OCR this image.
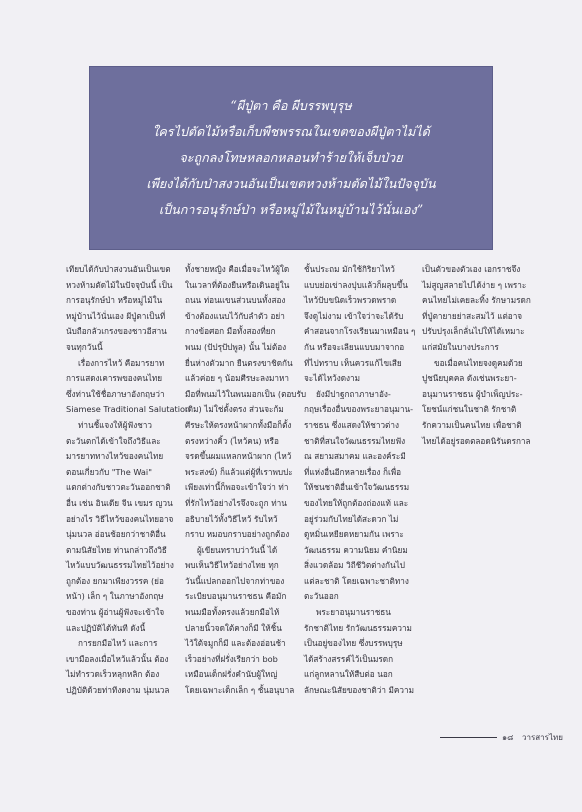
“ผีปู่ตา คือ ผีบรรพบุรุษ
ใครไปตัดไม้หรือเก็บพืชพรรณในเขตของผีปู่ตาไม่ได้
จะถูกลงโทษหลอกหลอนทำร้ายให้เจ็บป่วย
เพียงได้กับป่าสงวนอันเป็นเขตหวงห้ามตัดไม้ในปัจจุบัน
เป็นการอนุรักษ์ป่า หรือหมู่ไม้ในหมู่บ้านไว้นั่นเอง”
เทียบได้กับป่าสงวนอันเป็นเขต
หวงห้ามตัดไม้ในปัจจุบันนี้ เป็น
การอนุรักษ์ป่า หรือหมู่ไม้ใน
หมู่บ้านไว้นั่นเอง ผีปู่ตาเป็นที่
นับถือกลัวเกรงของชาวอีสาน
จนทุกวันนี้
เรื่องการไหว้ คือมารยาท
การแสดงเคารพของคนไทย
ซึ่งท่านใช้ชื่อภาษาอังกฤษว่า
Siamese Traditional Salutation
ท่านชี้แจงให้ผู้ฟังชาว
ตะวันตกได้เข้าใจถึงวิธีและ
มารยาททางไหว้ของคนไทย
ตอนเกี่ยวกับ "The Wai"
แตกต่างกับชาวตะวันออกชาติ
อื่น เช่น อินเดีย จีน เขมร ญวน
อย่างไร วิธีไหว้ของคนไทยอาจ
นุ่มนวล อ่อนช้อยกว่าชาติอื่น
ตามนิสัยไทย ท่านกล่าวถึงวิธี
ไหว้แบบวัฒนธรรมไทยไว้อย่าง
ถูกต้อง ยกมาเพียงวรรค (ย่อ
หน้า) เล็ก ๆ ในภาษาอังกฤษ
ของท่าน ผู้อ่านผู้ฟังจะเข้าใจ
และปฏิบัติได้ทันที ดังนี้
การยกมือไหว้ และการ
เขามือลงเมื่อไหว้แล้วนั้น ต้อง
ไม่ทำรวดเร็วหลุกหลิก ต้อง
ปฏิบัติด้วยท่าทีงดงาม นุ่มนวล
ทั้งชายหญิง คือเมื่อจะไหว้ผู้ใด
ในเวลาที่ต้องยืนหรือเดินอยู่ใน
ถนน ท่อนแขนส่วนบนทั้งสอง
ข้างต้องแนบไว้กับลำตัว อย่า
กางข้อศอก มือทั้งสองที่ยก
พนม (ปัปรุปัปพูล) นั้น ไม่ต้อง
ยื่นห่างตัวมาก ยืนตรงขาชิดกัน
แล้วค่อย ๆ น้อมศีรษะลงมาหา
มือที่พนมไว้ในพนมอกเป็น (ตอบรับ
เดิม) ไม่ใช่ตั้งตรง ส่วนจะก้ม
ศีรษะให้ตรงหน้าผากทั้งมือก็ตั้ง
ตรงหว่างคิ้ว (ไหว้คน) หรือ
จรดขึ้นผมแหลกหน้าผาก (ไหว้
พระสงฆ์) ก็แล้วแต่ผู้ที่เราพบปะ
เพียงเท่านี้ก็พอจะเข้าใจว่า ท่า
ที่รักไหว้อย่างไรจึงจะถูก ท่าน
อธิบายไว้ทั้งวิธีไหว้ รับไหว้
กราบ หมอบกราบอย่างถูกต้อง
ผู้เขียนทราบว่าวันนี้ ได้
พบเห็นวิธีไหว้อย่างไทย ทุก
วันนี้แปลกออกไปจากท่าของ
ระเบียบอนุมานราชธน คือมัก
พนมมือทั้งตรงแล้วยกมือไห้
ปลายนิ้วจดใต้คางก็มี ให้ชิ้น
ไว้ใต้จมูกก็มี และต้องอ่อนช้า
เร็วอย่างที่ฝรั่งเรียกว่า bob
เหมือนเด็กฝรั่งคำนับผู้ใหญ่
โดยเฉพาะเด็กเล็ก ๆ ชั้นอนุบาล
ชั้นประถม มักใช้กิริยาไหว้
แบบย่อเข่าลงปุบแล้วก็ผลุบขึ้น
ไหว้ปับขนิดเร็วพรวดพราด
จึงดูไม่งาม เข้าใจว่าจะได้รับ
คำสอนจากโรงเรียนมาเหมือน ๆ
กัน หรือจะเลียนแบบมาจากอ
ที่ไปทราบ เห็นควรแก้ไขเสีย
จะได้ไหว้งดงาม
ยังมีปาฐกถาภาษาอัง-
กฤษเรื่องอื่นของพระยาอนุมาน-
ราชธน ซึ่งแสดงให้ชาวต่าง
ชาติที่สนใจวัฒนธรรมไทยฟัง
ณ สยามสมาคม และองค์ระมี
ที่แห่งอื่นอีกหลายเรื่อง ก็เพื่อ
ให้ชนชาติอื่นเข้าใจวัฒนธรรม
ของไทยให้ถูกต้องถ่องแท้ และ
อยู่ร่วมกับไทยได้สะดวก ไม่
ดูหมิ่นเหยียดหยามกัน เพราะ
วัฒนธรรม ความนิยม คำนิยม
สิ่งแวดล้อม วิถีชีวิตต่างกันไป
แต่ละชาติ โดยเฉพาะชาติทาง
ตะวันออก
พระยาอนุมานราชธน
รักชาติไทย รักวัฒนธรรมความ
เป็นอยู่ของไทย ซึ่งบรรพบุรุษ
ได้สร้างสรรค์ไว้เป็นมรดก
แก่ลูกหลานให้สืบต่อ นอก
ลักษณะนิสัยของชาติว่า มีความ
เป็นตัวของตัวเอง เอกราชจึง
ไม่สูญสลายไปได้ง่าย ๆ เพราะ
คนไทยไม่เคยละทิ้ง รักษามรดก
ที่ปู่ตายายย่าสะสมไว้ แต่อาจ
ปรับปรุงเล็กลั่นไปให้ได้เหมาะ
แก่สมัยในบางประการ
ขอเมื่อคนไทยจงดูคมด้วย
ปูชนียบุคคล ดังเช่นพระยา-
อนุมานราชธน ผู้บำเพ็ญประ-
โยชน์แก่ชนในชาติ รักชาติ
รักความเป็นคนไทย เพื่อชาติ
ไทยได้อยู่รอดตลอดนิรันดรกาล
๑๘ วารสารไทย
